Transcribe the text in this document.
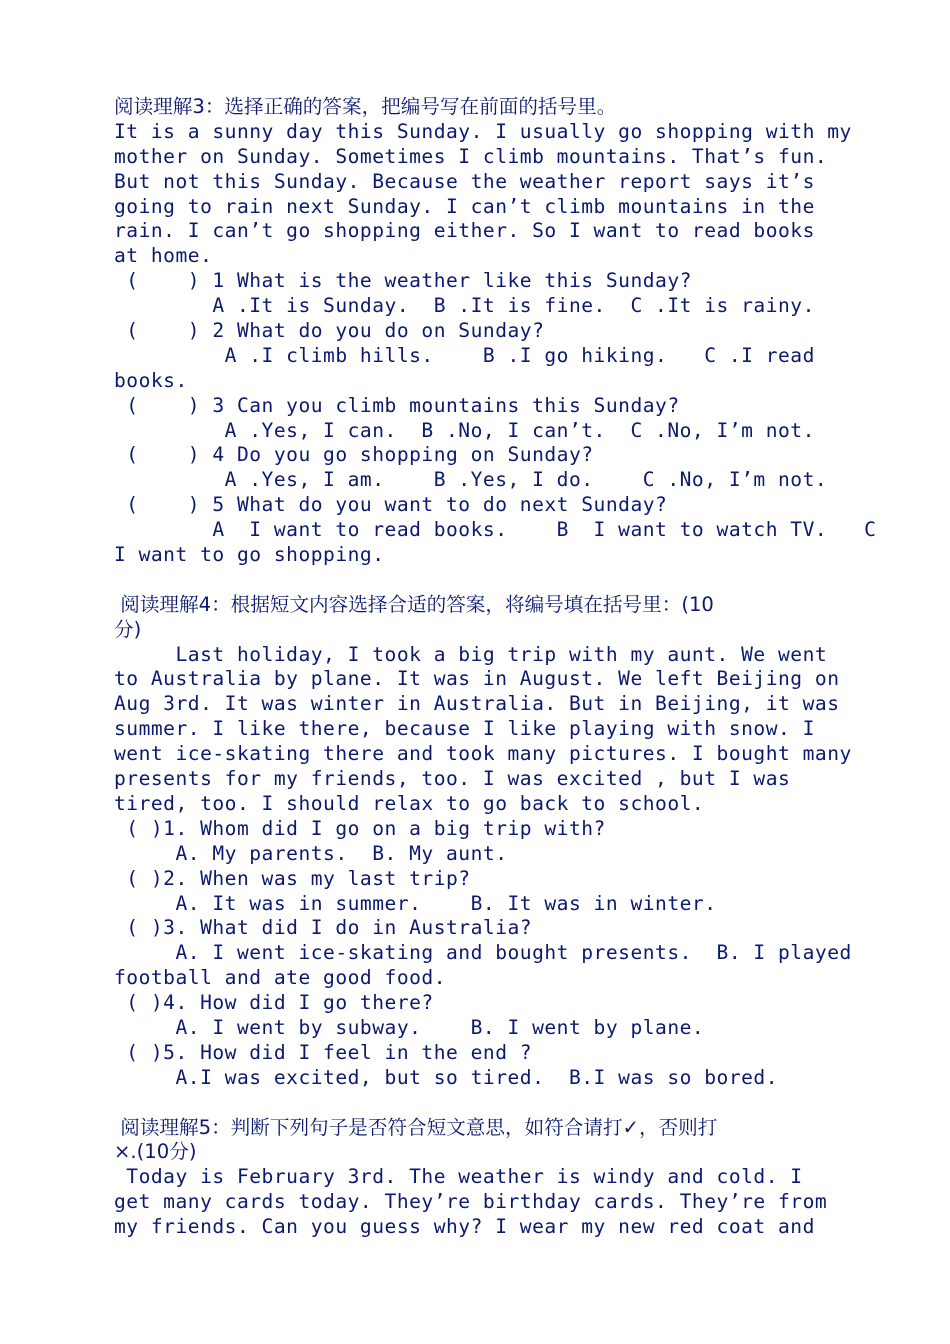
阅读理解3：选择正确的答案，把编号写在前面的括号里。
It is a sunny day this Sunday. I usually go shopping with my
mother on Sunday. Sometimes I climb mountains. That’s fun.
But not this Sunday. Because the weather report says it’s
going to rain next Sunday. I can’t climb mountains in the
rain. I can’t go shopping either. So I want to read books
at home.
(    ) 1 What is the weather like this Sunday?
A .It is Sunday.  B .It is fine.  C .It is rainy.
(    ) 2 What do you do on Sunday?
A .I climb hills.    B .I go hiking.   C .I read
books.
(    ) 3 Can you climb mountains this Sunday?
A .Yes, I can.  B .No, I can’t.  C .No, I’m not.
(    ) 4 Do you go shopping on Sunday?
A .Yes, I am.    B .Yes, I do.    C .No, I’m not.
(    ) 5 What do you want to do next Sunday?
A  I want to read books.    B  I want to watch TV.   C
I want to go shopping.
阅读理解4：根据短文内容选择合适的答案，将编号填在括号里：(10
分)
Last holiday, I took a big trip with my aunt. We went
to Australia by plane. It was in August. We left Beijing on
Aug 3rd. It was winter in Australia. But in Beijing, it was
summer. I like there, because I like playing with snow. I
went ice-skating there and took many pictures. I bought many
presents for my friends, too. I was excited , but I was
tired, too. I should relax to go back to school.
( )1. Whom did I go on a big trip with?
A. My parents.  B. My aunt.
( )2. When was my last trip?
A. It was in summer.    B. It was in winter.
( )3. What did I do in Australia?
A. I went ice-skating and bought presents.  B. I played
football and ate good food.
( )4. How did I go there?
A. I went by subway.    B. I went by plane.
( )5. How did I feel in the end ?
A.I was excited, but so tired.  B.I was so bored.
阅读理解5：判断下列句子是否符合短文意思，如符合请打✓，否则打
×.(10分)
Today is February 3rd. The weather is windy and cold. I
get many cards today. They’re birthday cards. They’re from
my friends. Can you guess why? I wear my new red coat and
